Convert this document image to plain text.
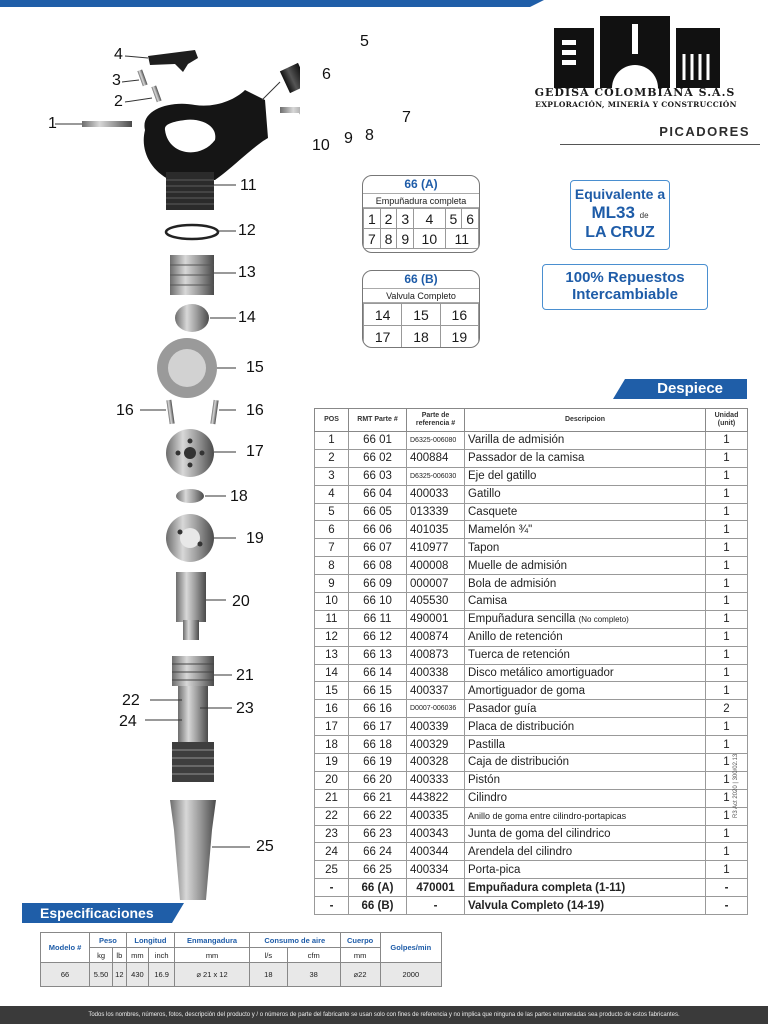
1
2
3
4
5
6
7
8
9
10
11
12
13
14
15
16	16
17
18
19
20
21
22	23
24
25
GEDISA COLOMBIANA S.A.S
EXPLORACIÓN, MINERÍA Y CONSTRUCCIÓN
PICADORES
Equivalente a
ML33 de
LA CRUZ
100% Repuestos
Intercambiable
66 (A)
Empuñadura completa
1	2	3	4	5	6
7	8	9	10	11	
66 (B)
Valvula Completo
14	15	16
17	18	19
Despiece
POS	RMT Parte #	Parte de referencia #	Descripcion	Unidad (unit)
1	66 01	D6325-006080	Varilla de admisión	1
2	66 02	400884	Passador de la camisa	1
3	66 03	D6325-006030	Eje del gatillo	1
4	66 04	400033	Gatillo	1
5	66 05	013339	Casquete	1
6	66 06	401035	Mamelón ¾"	1
7	66 07	410977	Tapon	1
8	66 08	400008	Muelle de admisión	1
9	66 09	000007	Bola de admisión	1
10	66 10	405530	Camisa	1
11	66 11	490001	Empuñadura sencilla (No completo)	1
12	66 12	400874	Anillo de retención	1
13	66 13	400873	Tuerca de retención	1
14	66 14	400338	Disco metálico amortiguador	1
15	66 15	400337	Amortiguador de goma	1
16	66 16	D0007-006036	Pasador guía	2
17	66 17	400339	Placa de distribución	1
18	66 18	400329	Pastilla	1
19	66 19	400328	Caja de distribución	1
20	66 20	400333	Pistón	1
21	66 21	443822	Cilindro	1
22	66 22	400335	Anillo de goma entre cilindro-portapicas	1
23	66 23	400343	Junta de goma del cilindrico	1
24	66 24	400344	Arendela del cilindro	1
25	66 25	400334	Porta-pica	1
-	66 (A)	470001	Empuñadura completa (1-11)	-
-	66 (B)	-	Valvula Completo (14-19)	-
R3 Act 2020 | 300/02.13
Especificaciones
Modelo #	Peso		Longitud		Enmangadura	Consumo de aire		Cuerpo	Golpes/min
	kg	lb	mm	inch	mm	l/s	cfm	mm	
66	5.50	12	430	16.9	⌀ 21 x 12	18	38	⌀22	2000
Todos los nombres, números, fotos, descripción del producto y / o números de parte del fabricante se usan solo con fines de referencia y no implica que ninguna de las partes enumeradas sea producto de estos fabricantes.
